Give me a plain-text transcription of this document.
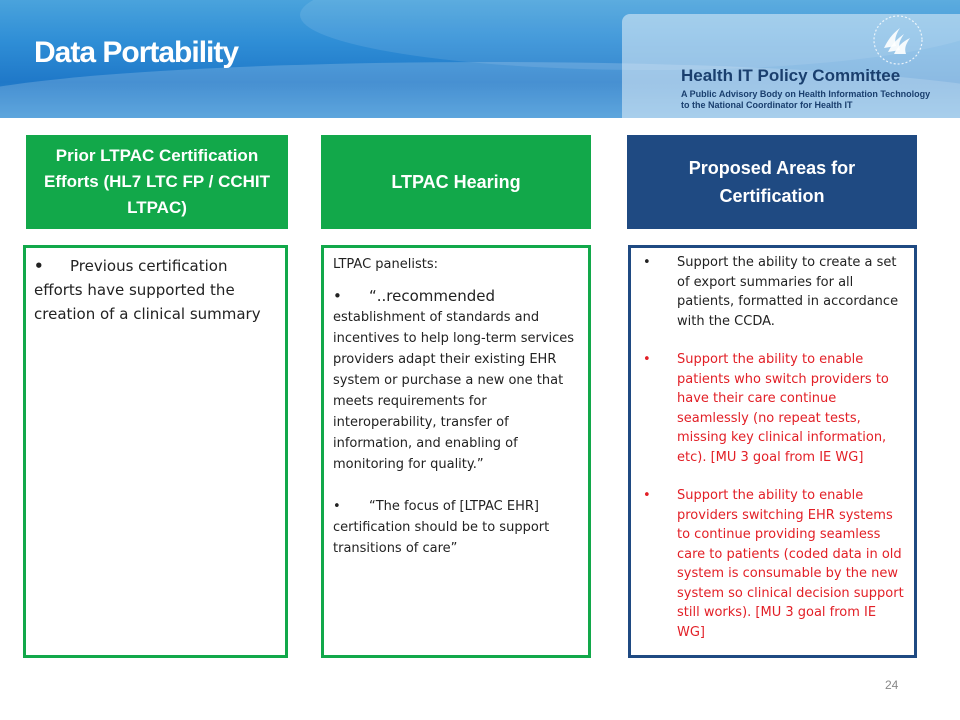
Data Portability
Health IT Policy Committee
A Public Advisory Body on Health Information Technology
to the National Coordinator for Health IT
Prior LTPAC Certification Efforts (HL7 LTC FP / CCHIT LTPAC)
LTPAC Hearing
Proposed Areas for Certification
• Previous certification efforts have supported the creation of a clinical summary

LTPAC panelists:

• “..recommended

establishment of standards and incentives to help long-term services providers adapt their existing EHR system or purchase a new one that meets requirements for interoperability, transfer of information, and enabling of monitoring for quality.”

• “The focus of [LTPAC EHR]

certification should be to support transitions of care”

• Support the ability to create a set of export summaries for all patients, formatted in accordance with the CCDA.
• Support the ability to enable patients who switch providers to have their care continue seamlessly (no repeat tests, missing key clinical information, etc). [MU 3 goal from IE WG]
• Support the ability to enable providers switching EHR systems to continue providing seamless care to patients (coded data in old system is consumable by the new system so clinical decision support still works). [MU 3 goal from IE WG]
24
